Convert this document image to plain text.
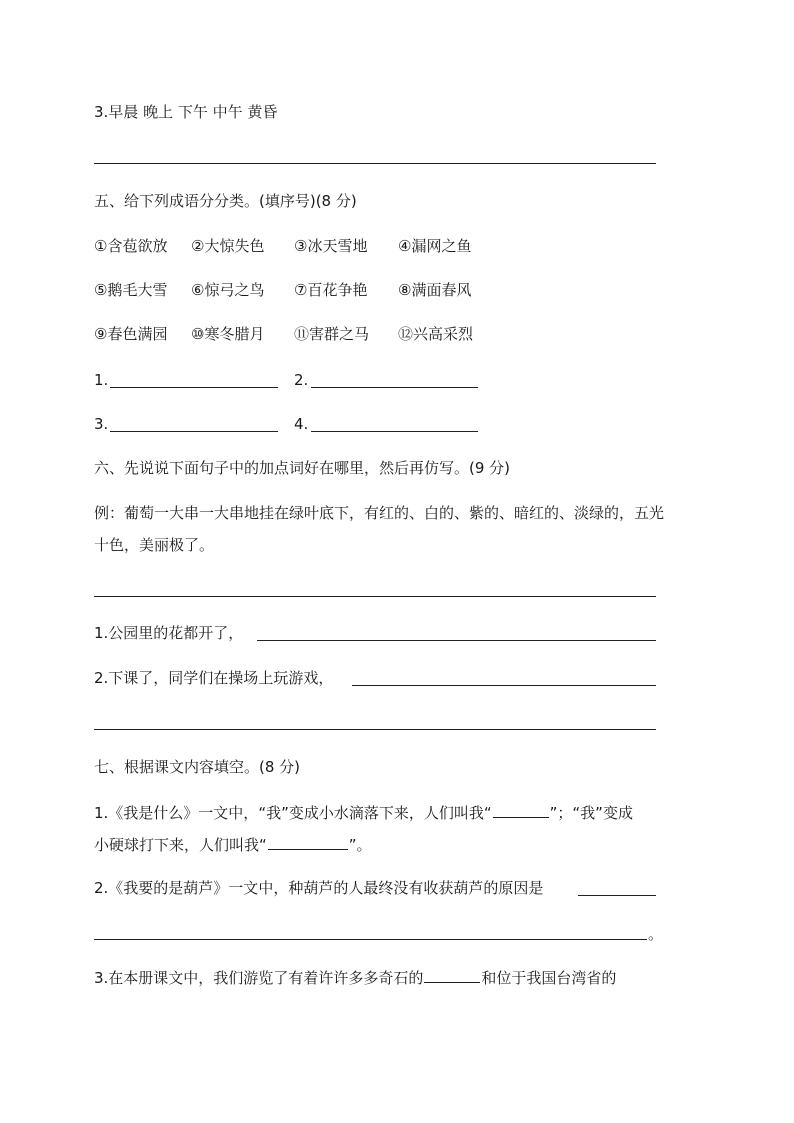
3.早晨 晚上 下午 中午 黄昏
五、给下列成语分分类。(填序号)(8 分)
①含苞欲放 ②大惊失色 ③冰天雪地 ④漏网之鱼
⑤鹅毛大雪 ⑥惊弓之鸟 ⑦百花争艳 ⑧满面春风
⑨春色满园 ⑩寒冬腊月 ⑪害群之马 ⑫兴高采烈
1.	2.
3.	4.
六、先说说下面句子中的加点词好在哪里，然后再仿写。(9 分)
例：葡萄一大串一大串地挂在绿叶底下，有红的、白的、紫的、暗红的、淡绿的，五光
十色，美丽极了。
1.公园里的花都开了，
2.下课了，同学们在操场上玩游戏，
七、根据课文内容填空。(8 分)
1.《我是什么》一文中，“我”变成小水滴落下来，人们叫我“	”；“我”变成
小硬球打下来，人们叫我“	”。
2.《我要的是葫芦》一文中，种葫芦的人最终没有收获葫芦的原因是
。
3.在本册课文中，我们游览了有着许许多多奇石的	和位于我国台湾省的
